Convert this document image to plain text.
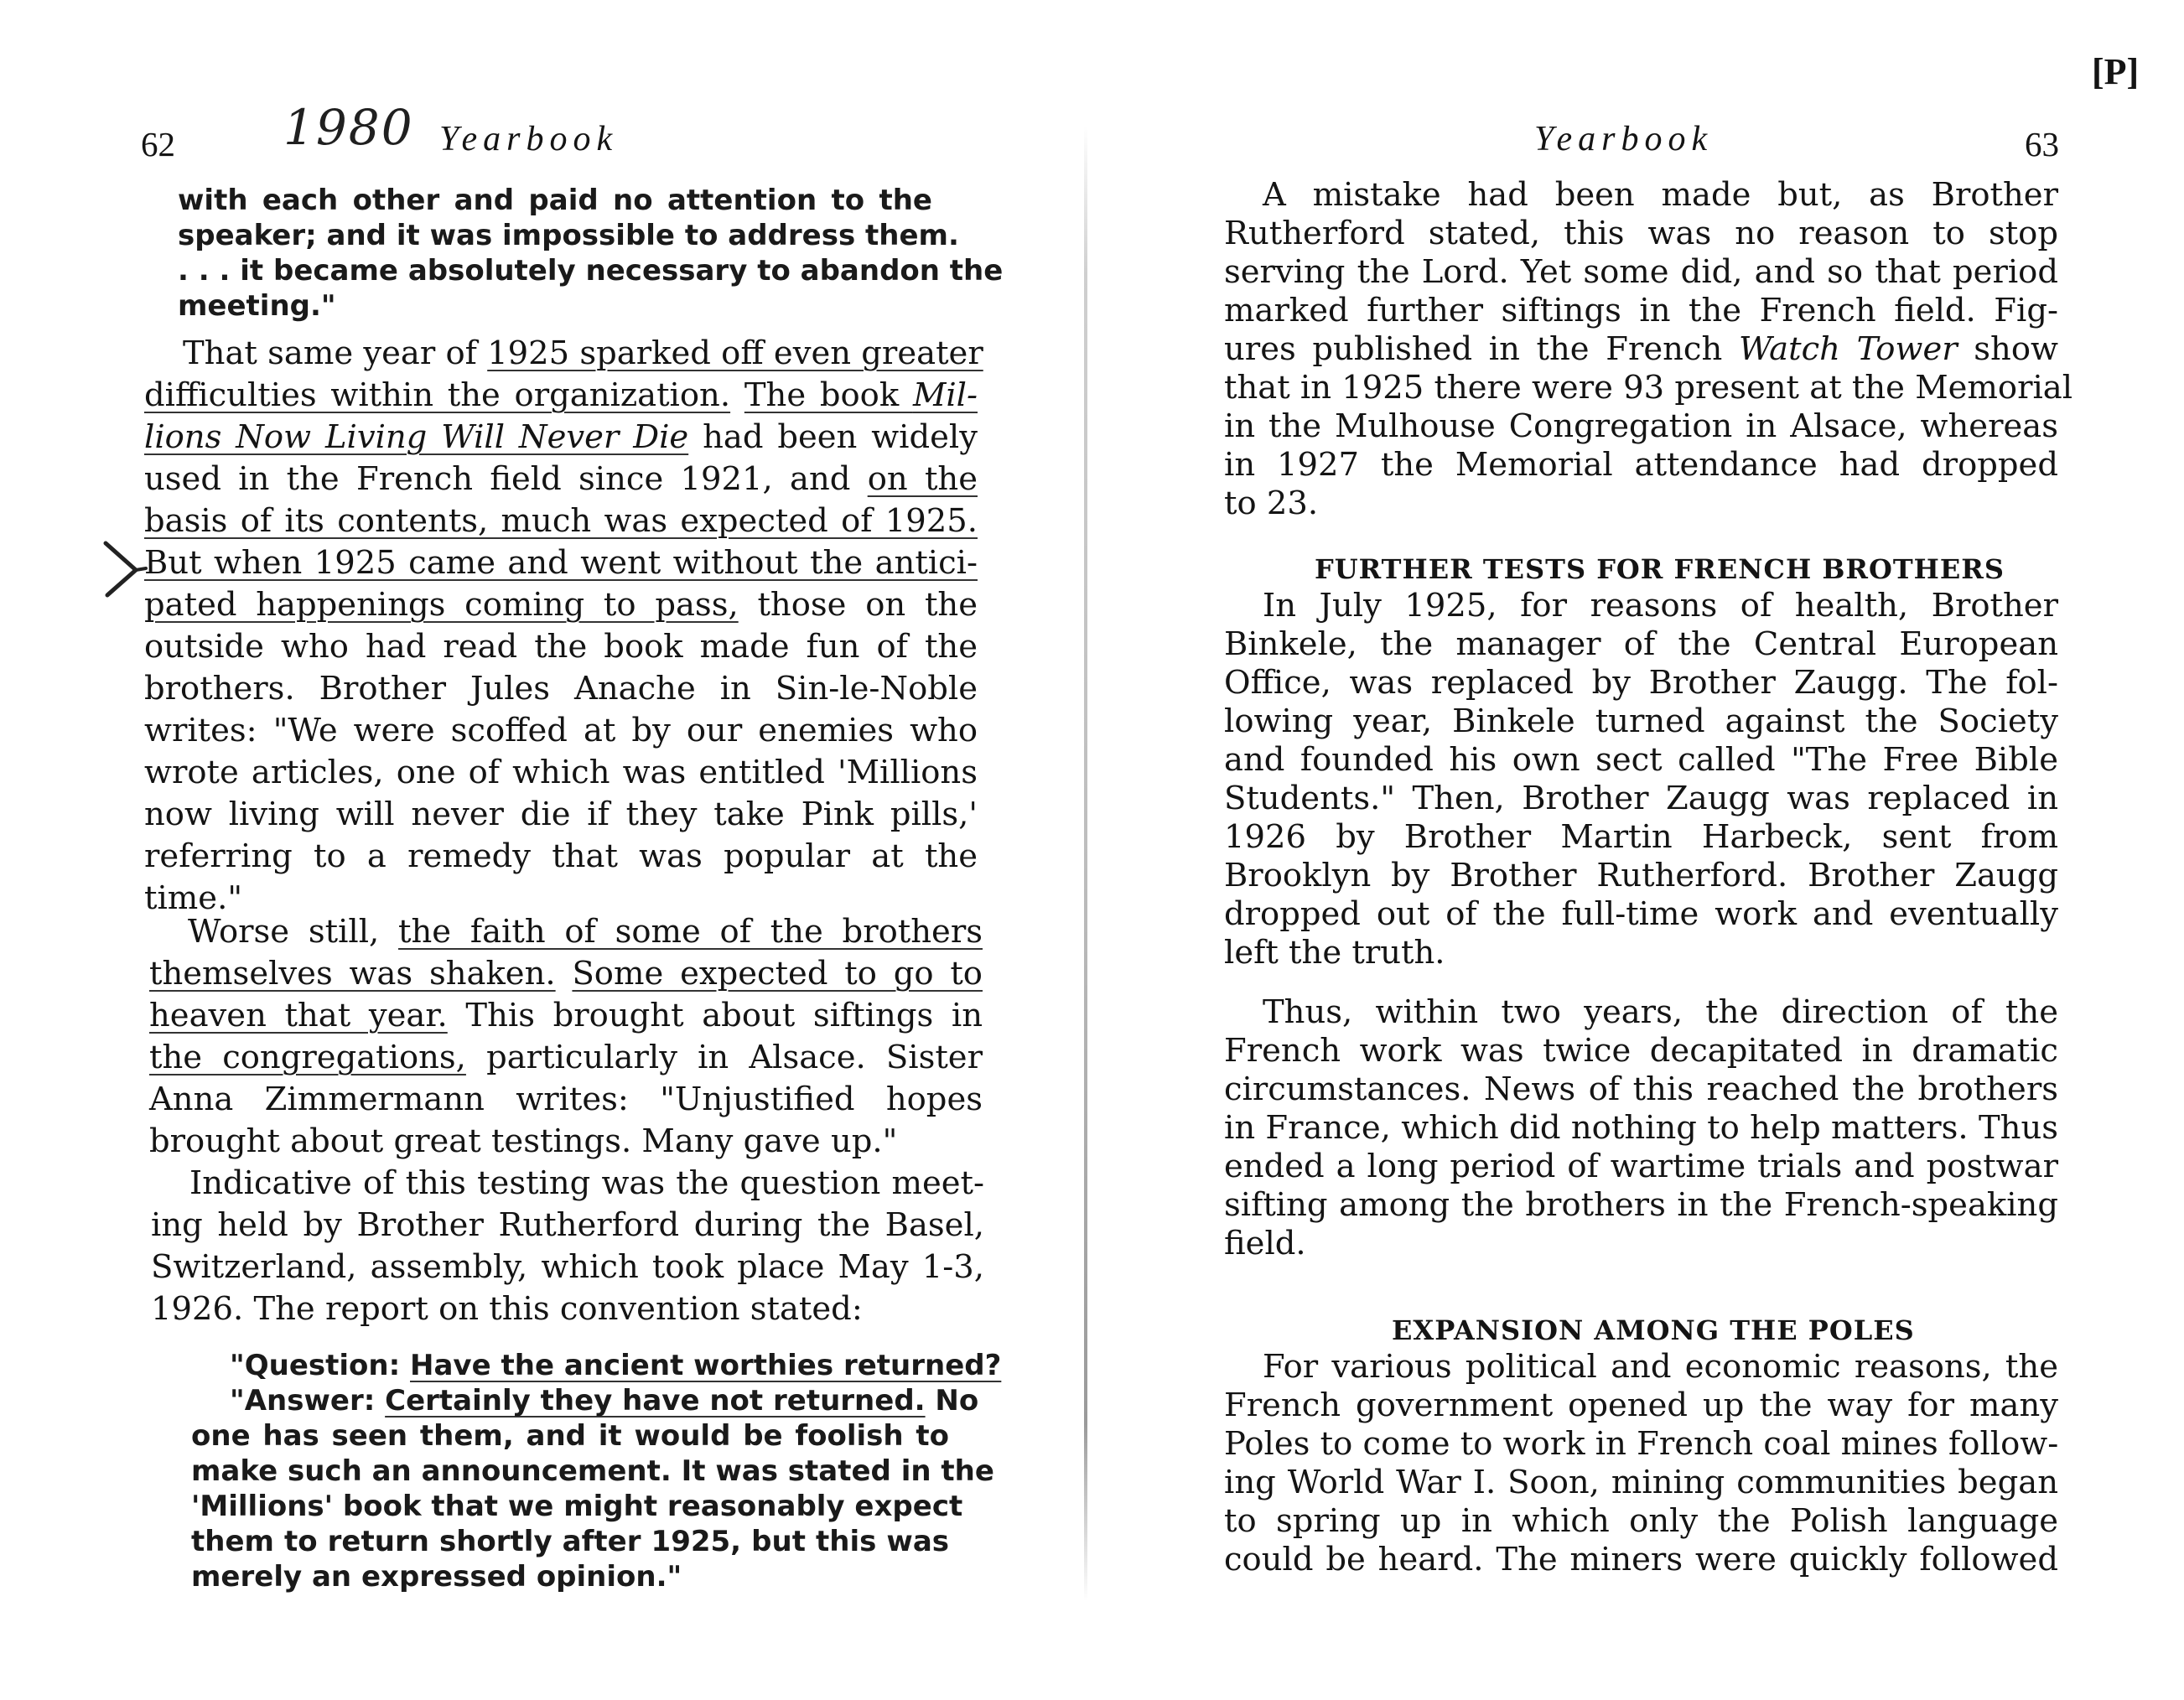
62 1980 Yearbook
with each other and paid no attention to the
speaker; and it was impossible to address them.
. . . it became absolutely necessary to abandon the
meeting."
That same year of 1925 sparked off even greater
difficulties within the organization. The book Mil-
lions Now Living Will Never Die had been widely
used in the French field since 1921, and on the
basis of its contents, much was expected of 1925.
But when 1925 came and went without the antici-
pated happenings coming to pass, those on the
outside who had read the book made fun of the
brothers. Brother Jules Anache in Sin-le-Noble
writes: "We were scoffed at by our enemies who
wrote articles, one of which was entitled 'Millions
now living will never die if they take Pink pills,'
referring to a remedy that was popular at the
time."
Worse still, the faith of some of the brothers
themselves was shaken. Some expected to go to
heaven that year. This brought about siftings in
the congregations, particularly in Alsace. Sister
Anna Zimmermann writes: "Unjustified hopes
brought about great testings. Many gave up."
Indicative of this testing was the question meet-
ing held by Brother Rutherford during the Basel,
Switzerland, assembly, which took place May 1-3,
1926. The report on this convention stated:
"Question: Have the ancient worthies returned?
"Answer: Certainly they have not returned. No
one has seen them, and it would be foolish to
make such an announcement. It was stated in the
'Millions' book that we might reasonably expect
them to return shortly after 1925, but this was
merely an expressed opinion."
[P]
Yearbook	63
A mistake had been made but, as Brother
Rutherford stated, this was no reason to stop
serving the Lord. Yet some did, and so that period
marked further siftings in the French field. Fig-
ures published in the French Watch Tower show
that in 1925 there were 93 present at the Memorial
in the Mulhouse Congregation in Alsace, whereas
in 1927 the Memorial attendance had dropped
to 23.
FURTHER TESTS FOR FRENCH BROTHERS
In July 1925, for reasons of health, Brother
Binkele, the manager of the Central European
Office, was replaced by Brother Zaugg. The fol-
lowing year, Binkele turned against the Society
and founded his own sect called "The Free Bible
Students." Then, Brother Zaugg was replaced in
1926 by Brother Martin Harbeck, sent from
Brooklyn by Brother Rutherford. Brother Zaugg
dropped out of the full-time work and eventually
left the truth.
Thus, within two years, the direction of the
French work was twice decapitated in dramatic
circumstances. News of this reached the brothers
in France, which did nothing to help matters. Thus
ended a long period of wartime trials and postwar
sifting among the brothers in the French-speaking
field.
EXPANSION AMONG THE POLES
For various political and economic reasons, the
French government opened up the way for many
Poles to come to work in French coal mines follow-
ing World War I. Soon, mining communities began
to spring up in which only the Polish language
could be heard. The miners were quickly followed
